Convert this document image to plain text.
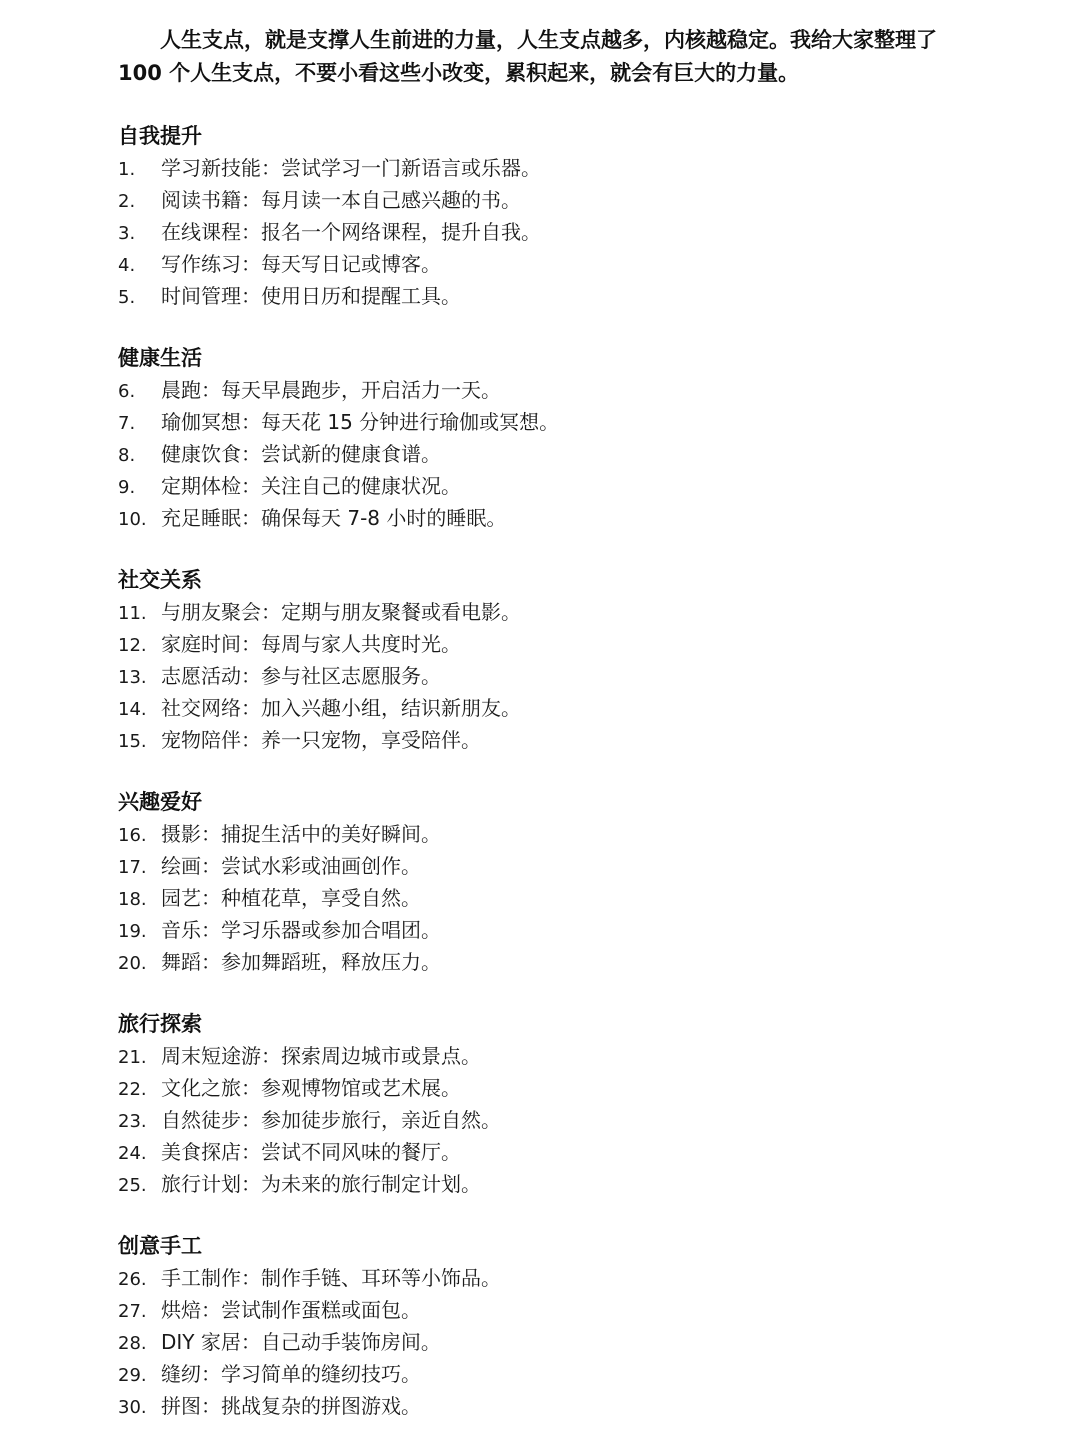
人生支点，就是支撑人生前进的力量，人生支点越多，内核越稳定。我给大家整理了
100 个人生支点，不要小看这些小改变，累积起来，就会有巨大的力量。
自我提升
1. 学习新技能：尝试学习一门新语言或乐器。
2. 阅读书籍：每月读一本自己感兴趣的书。
3. 在线课程：报名一个网络课程，提升自我。
4. 写作练习：每天写日记或博客。
5. 时间管理：使用日历和提醒工具。
健康生活
6. 晨跑：每天早晨跑步，开启活力一天。
7. 瑜伽冥想：每天花 15 分钟进行瑜伽或冥想。
8. 健康饮食：尝试新的健康食谱。
9. 定期体检：关注自己的健康状况。
10. 充足睡眠：确保每天 7-8 小时的睡眠。
社交关系
11. 与朋友聚会：定期与朋友聚餐或看电影。
12. 家庭时间：每周与家人共度时光。
13. 志愿活动：参与社区志愿服务。
14. 社交网络：加入兴趣小组，结识新朋友。
15. 宠物陪伴：养一只宠物，享受陪伴。
兴趣爱好
16. 摄影：捕捉生活中的美好瞬间。
17. 绘画：尝试水彩或油画创作。
18. 园艺：种植花草，享受自然。
19. 音乐：学习乐器或参加合唱团。
20. 舞蹈：参加舞蹈班，释放压力。
旅行探索
21. 周末短途游：探索周边城市或景点。
22. 文化之旅：参观博物馆或艺术展。
23. 自然徒步：参加徒步旅行，亲近自然。
24. 美食探店：尝试不同风味的餐厅。
25. 旅行计划：为未来的旅行制定计划。
创意手工
26. 手工制作：制作手链、耳环等小饰品。
27. 烘焙：尝试制作蛋糕或面包。
28. DIY 家居：自己动手装饰房间。
29. 缝纫：学习简单的缝纫技巧。
30. 拼图：挑战复杂的拼图游戏。
